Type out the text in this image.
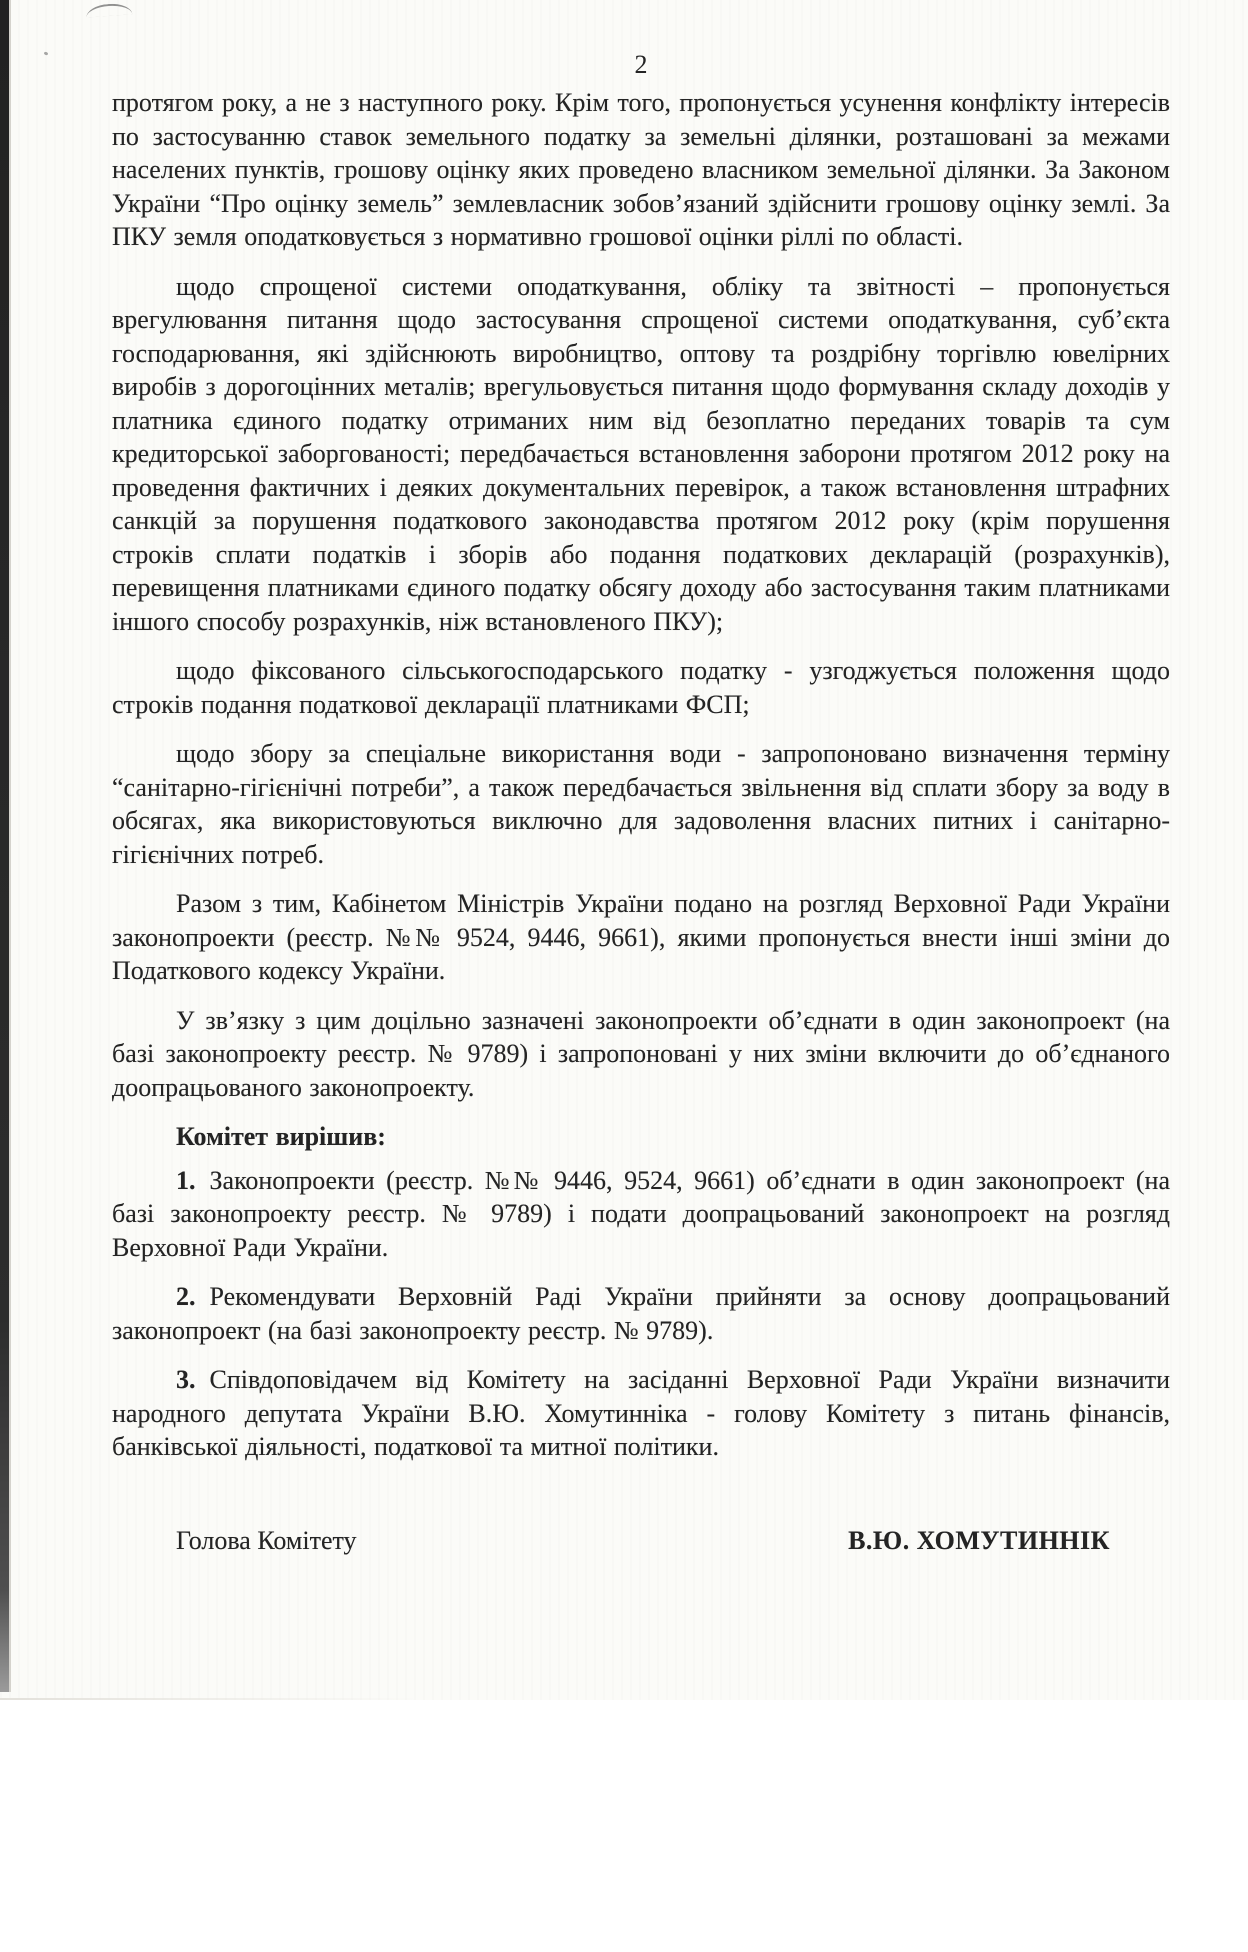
2

протягом року, а не з наступного року. Крім того, пропонується усунення конфлікту інтересів по застосуванню ставок земельного податку за земельні ділянки, розташовані за межами населених пунктів, грошову оцінку яких проведено власником земельної ділянки. За Законом України “Про оцінку земель” землевласник зобов’язаний здійснити грошову оцінку землі. За ПКУ земля оподатковується з нормативно грошової оцінки ріллі по області.

щодо спрощеної системи оподаткування, обліку та звітності – пропонується врегулювання питання щодо застосування спрощеної системи оподаткування, суб’єкта господарювання, які здійснюють виробництво, оптову та роздрібну торгівлю ювелірних виробів з дорогоцінних металів; врегульовується питання щодо формування складу доходів у платника єдиного податку отриманих ним від безоплатно переданих товарів та сум кредиторської заборгованості; передбачається встановлення заборони протягом 2012 року на проведення фактичних і деяких документальних перевірок, а також встановлення штрафних санкцій за порушення податкового законодавства протягом 2012 року (крім порушення строків сплати податків і зборів або подання податкових декларацій (розрахунків), перевищення платниками єдиного податку обсягу доходу або застосування таким платниками іншого способу розрахунків, ніж встановленого ПКУ);

щодо фіксованого сільськогосподарського податку - узгоджується положення щодо строків подання податкової декларації платниками ФСП;

щодо збору за спеціальне використання води - запропоновано визначення терміну “санітарно-гігієнічні потреби”, а також передбачається звільнення від сплати збору за воду в обсягах, яка використовуються виключно для задоволення власних питних і санітарно-гігієнічних потреб.

Разом з тим, Кабінетом Міністрів України подано на розгляд Верховної Ради України законопроекти (реєстр. №№ 9524, 9446, 9661), якими пропонується внести інші зміни до Податкового кодексу України.

У зв’язку з цим доцільно зазначені законопроекти об’єднати в один законопроект (на базі законопроекту реєстр. № 9789) і запропоновані у них зміни включити до об’єднаного доопрацьованого законопроекту.

Комітет вирішив:

1. Законопроекти (реєстр. №№ 9446, 9524, 9661) об’єднати в один законопроект (на базі законопроекту реєстр. № 9789) і подати доопрацьований законопроект на розгляд Верховної Ради України.

2. Рекомендувати Верховній Раді України прийняти за основу доопрацьований законопроект (на базі законопроекту реєстр. № 9789).

3. Співдоповідачем від Комітету на засіданні Верховної Ради України визначити народного депутата України В.Ю. Хомутинніка - голову Комітету з питань фінансів, банківської діяльності, податкової та митної політики.

Голова Комітету	В.Ю. ХОМУТИННІК
